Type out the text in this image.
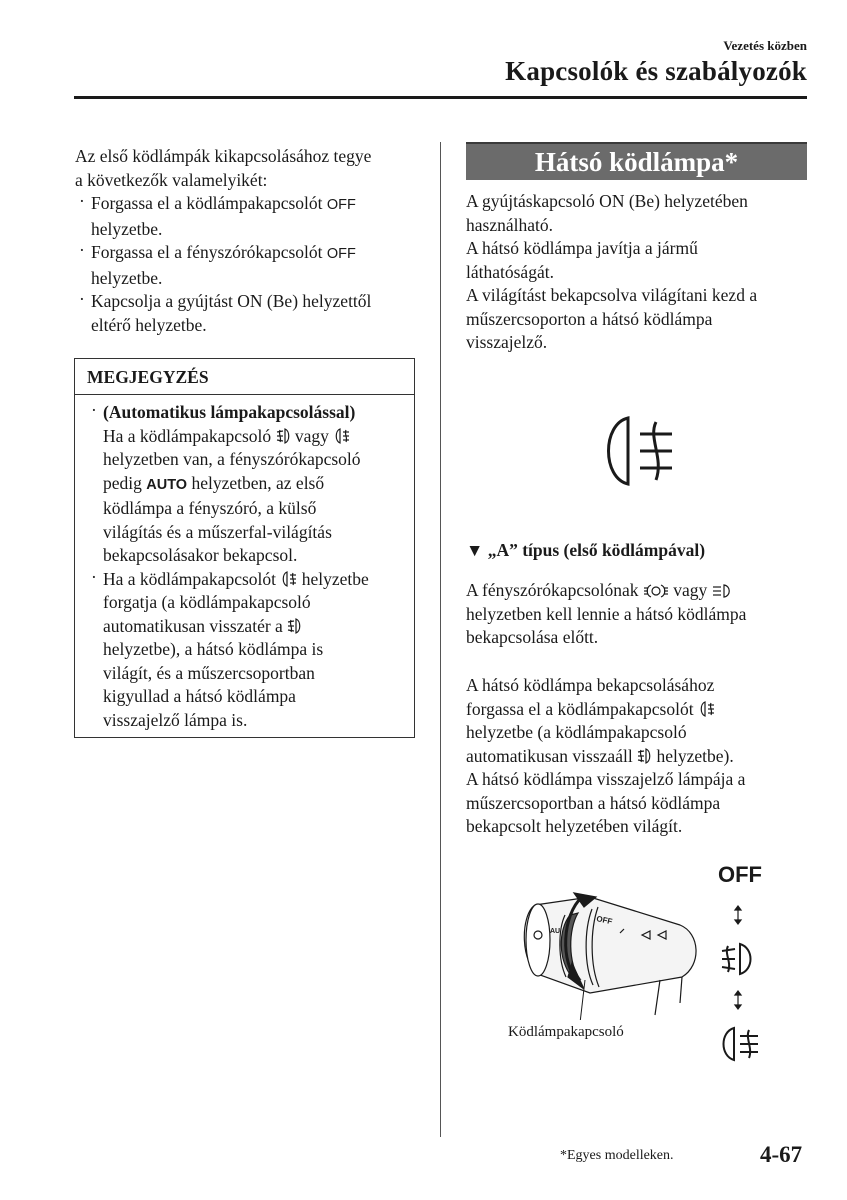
Vezetés közben
Kapcsolók és szabályozók
Az első ködlámpák kikapcsolásához tegye
a következők valamelyikét:
· Forgassa el a ködlámpakapcsolót OFF
helyzetbe.
· Forgassa el a fényszórókapcsolót OFF
helyzetbe.
· Kapcsolja a gyújtást ON (Be) helyzettől
eltérő helyzetbe.
MEGJEGYZÉS
· (Automatikus lámpakapcsolással)
Ha a ködlámpakapcsoló  vagy
helyzetben van, a fényszórókapcsoló
pedig AUTO helyzetben, az első
ködlámpa a fényszóró, a külső
világítás és a műszerfal-világítás
bekapcsolásakor bekapcsol.
· Ha a ködlámpakapcsolót  helyzetbe
forgatja (a ködlámpakapcsoló
automatikusan visszatér a
helyzetbe), a hátsó ködlámpa is
világít, és a műszercsoportban
kigyullad a hátsó ködlámpa
visszajelző lámpa is.
Hátsó ködlámpa*
A gyújtáskapcsoló ON (Be) helyzetében
használható.
A hátsó ködlámpa javítja a jármű
láthatóságát.
A világítást bekapcsolva világítani kezd a
műszercsoporton a hátsó ködlámpa
visszajelző.
▼ „A” típus (első ködlámpával)
A fényszórókapcsolónak  vagy
helyzetben kell lennie a hátsó ködlámpa
bekapcsolása előtt.
A hátsó ködlámpa bekapcsolásához
forgassa el a ködlámpakapcsolót
helyzetbe (a ködlámpakapcsoló
automatikusan visszaáll  helyzetbe).
A hátsó ködlámpa visszajelző lámpája a
műszercsoportban a hátsó ködlámpa
bekapcsolt helyzetében világít.
OFF
OFF
AU
Ködlámpakapcsoló
*Egyes modelleken.	4-67
